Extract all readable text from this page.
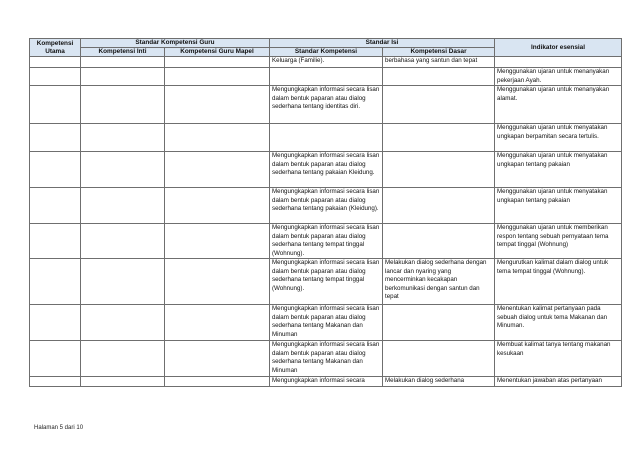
Kompetensi Utama	Standar Kompetensi Guru		Standar Isi		Indikator esensial
	Kompetensi Inti	Kompetensi Guru Mapel	Standar Kompetensi	Kompetensi Dasar	
			Keluarga (Familie).	berbahasa yang santun dan tepat	
					Menggunakan ujaran untuk menanyakan pekerjaan Ayah.
			Mengungkapkan informasi secara lisan dalam bentuk paparan atau dialog sederhana tentang identitas diri.		Menggunakan ujaran untuk menanyakan alamat.
					Menggunakan ujaran untuk menyatakan ungkapan berpamitan secara tertulis.
			Mengungkapkan informasi secara lisan dalam bentuk paparan atau dialog sederhana tentang pakaian Kleidung.		Menggunakan ujaran untuk menyatakan ungkapan tentang pakaian
			Mengungkapkan informasi secara lisan dalam bentuk paparan atau dialog sederhana tentang pakaian (Kleidung).		Menggunakan ujaran untuk menyatakan ungkapan tentang pakaian
			Mengungkapkan informasi secara lisan dalam bentuk paparan atau dialog sederhana tentang tempat tinggal (Wohnung).		Menggunakan ujaran untuk memberikan respon tentang sebuah pernyataan tema tempat tinggal (Wohnung)
			Mengungkapkan informasi secara lisan dalam bentuk paparan atau dialog sederhana tentang tempat tinggal (Wohnung).	Melakukan dialog sederhana dengan lancar dan nyaring yang mencerminkan kecakapan berkomunikasi dengan santun dan tepat	Mengurutkan kalimat dalam dialog untuk tema tempat tinggal (Wohnung).
			Mengungkapkan informasi secara lisan dalam bentuk paparan atau dialog sederhana tentang Makanan dan Minuman		Menentukan kalimat pertanyaan pada sebuah dialog untuk tema Makanan dan Minuman.
			Mengungkapkan informasi secara lisan dalam bentuk paparan atau dialog sederhana tentang Makanan dan Minuman		Membuat kalimat tanya tentang makanan kesukaan
			Mengungkapkan informasi secara	Melakukan dialog sederhana	Menentukan jawaban atas pertanyaan
Halaman 5 dari 10
